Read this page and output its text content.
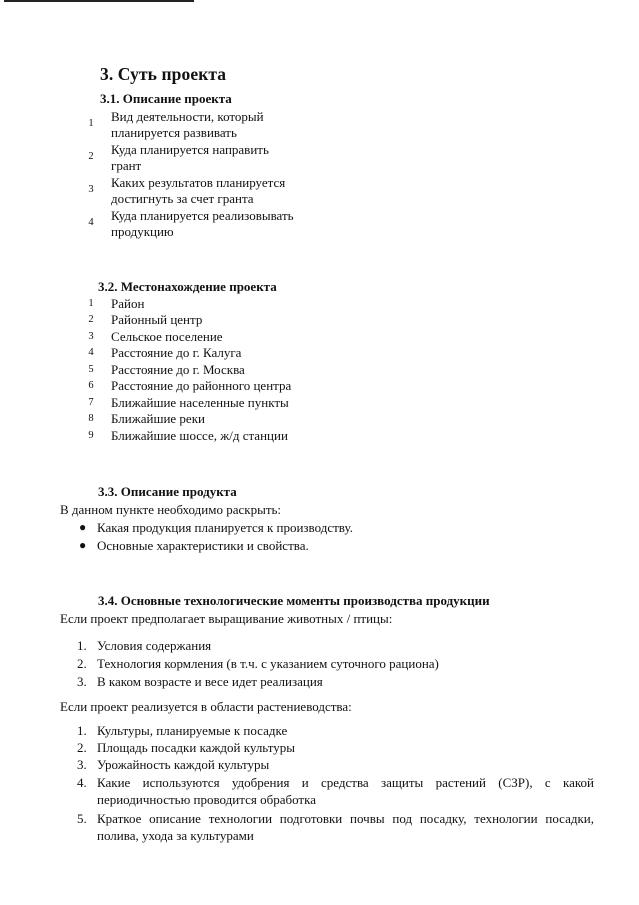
3. Суть проекта
3.1. Описание проекта
1	Вид деятельности, который
планируется развивать
2	Куда планируется направить
грант
3	Каких результатов планируется
достигнуть за счет гранта
4	Куда планируется реализовывать
продукцию
3.2. Местонахождение проекта
1	Район
2	Районный центр
3	Сельское поселение
4	Расстояние до г. Калуга
5	Расстояние до г. Москва
6	Расстояние до районного центра
7	Ближайшие населенные пункты
8	Ближайшие реки
9	Ближайшие шоссе, ж/д станции
3.3. Описание продукта
В данном пункте необходимо раскрыть:
● Какая продукция планируется к производству.
● Основные характеристики и свойства.
3.4. Основные технологические моменты производства продукции
Если проект предполагает выращивание животных / птицы:
1. Условия содержания
2. Технология кормления (в т.ч. с указанием суточного рациона)
3. В каком возрасте и весе идет реализация
Если проект реализуется в области растениеводства:
1. Культуры, планируемые к посадке
2. Площадь посадки каждой культуры
3. Урожайность каждой культуры
4. Какие используются удобрения и средства защиты растений (СЗР), с какой периодичностью проводится обработка
5. Краткое описание технологии подготовки почвы под посадку, технологии посадки, полива, ухода за культурами
